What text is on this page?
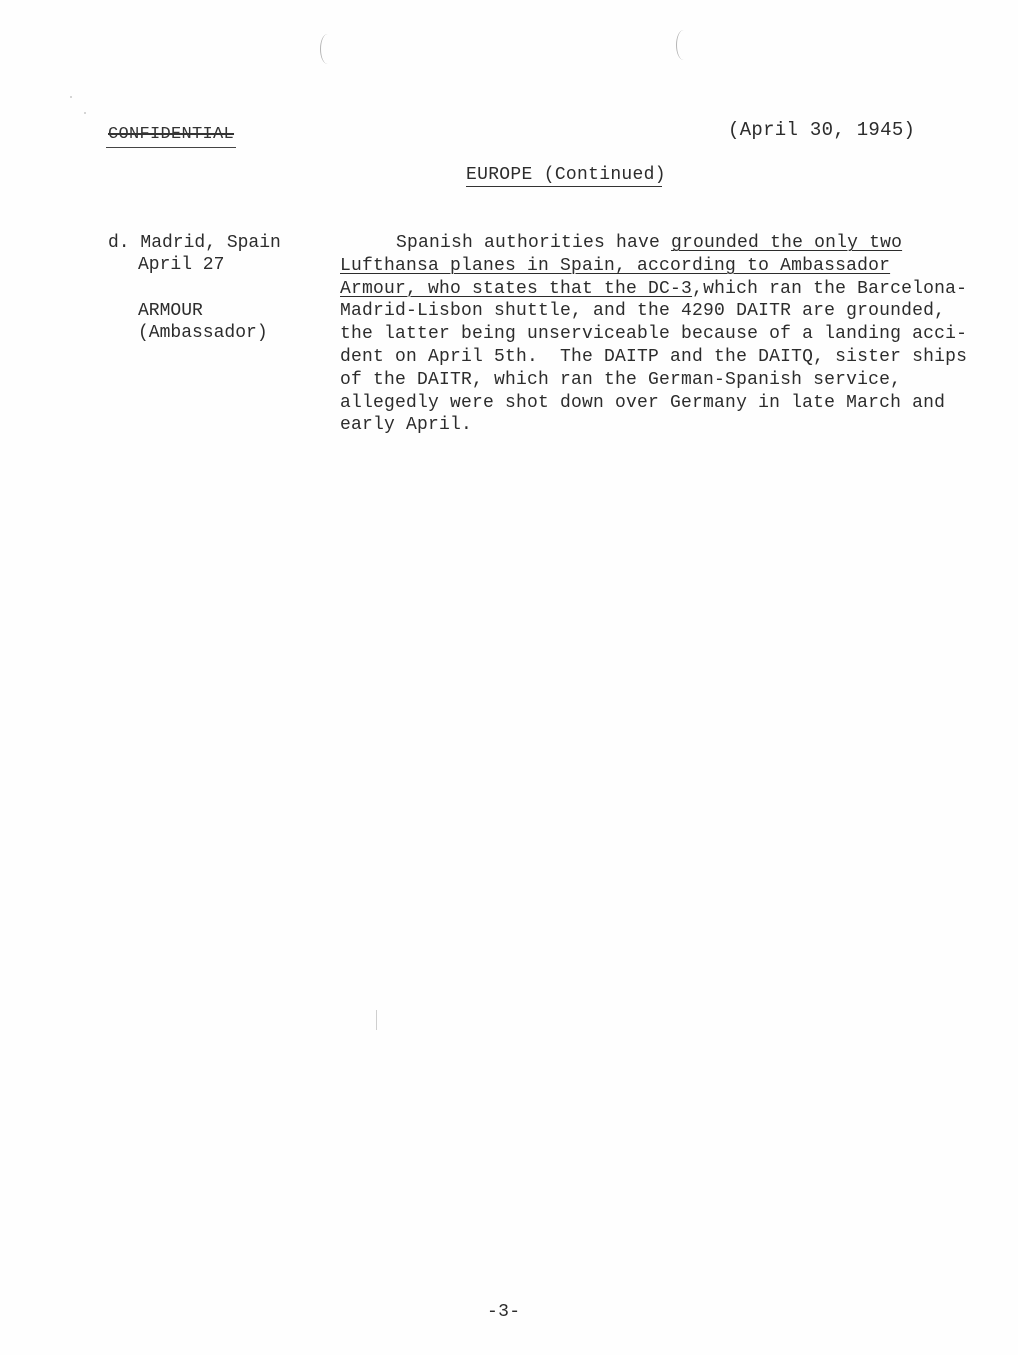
CONFIDENTIAL	(April 30, 1945)
EUROPE (Continued)
d. Madrid, Spain
April 27
ARMOUR
(Ambassador)
Spanish authorities have grounded the only two
Lufthansa planes in Spain, according to Ambassador
Armour, who states that the DC-3,which ran the Barcelona-
Madrid-Lisbon shuttle, and the 4290 DAITR are grounded,
the latter being unserviceable because of a landing acci-
dent on April 5th.  The DAITP and the DAITQ, sister ships
of the DAITR, which ran the German-Spanish service,
allegedly were shot down over Germany in late March and
early April.
-3-
